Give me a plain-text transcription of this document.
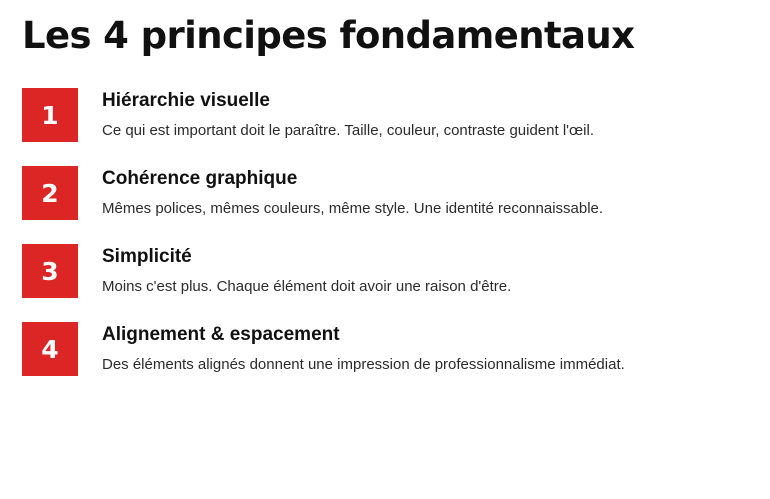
Les 4 principes fondamentaux
1	Hiérarchie visuelle

Ce qui est important doit le paraître. Taille, couleur, contraste guident l'œil.

2	Cohérence graphique

Mêmes polices, mêmes couleurs, même style. Une identité reconnaissable.

3	Simplicité

Moins c'est plus. Chaque élément doit avoir une raison d'être.

4	Alignement & espacement

Des éléments alignés donnent une impression de professionnalisme immédiat.
